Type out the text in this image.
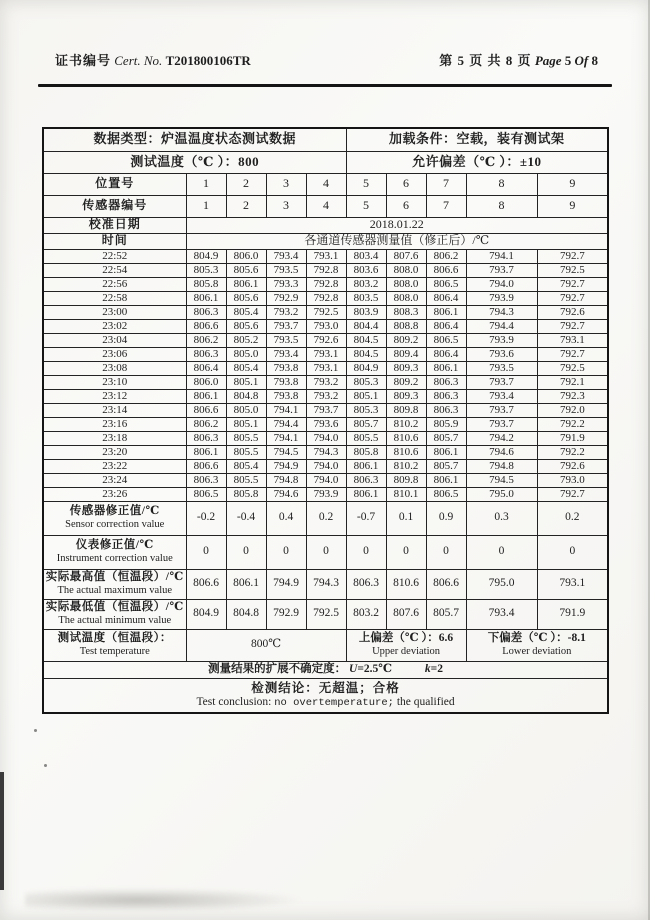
证书编号 Cert. No. T201800106TR	第 5 页 共 8 页 Page 5 Of 8
数据类型：炉温温度状态测试数据					加载条件：空载，装有测试架				
测试温度（℃ ）：800					允许偏差（℃ ）：±10				
位置号	1	2	3	4	5	6	7	8	9
传感器编号	1	2	3	4	5	6	7	8	9
校准日期	2018.01.22								
时间	各通道传感器测量值（修正后）/℃								
22:52	804.9	806.0	793.4	793.1	803.4	807.6	806.2	794.1	792.7
22:54	805.3	805.6	793.5	792.8	803.6	808.0	806.6	793.7	792.5
22:56	805.8	806.1	793.3	792.8	803.2	808.0	806.5	794.0	792.7
22:58	806.1	805.6	792.9	792.8	803.5	808.0	806.4	793.9	792.7
23:00	806.3	805.4	793.2	792.5	803.9	808.3	806.1	794.3	792.6
23:02	806.6	805.6	793.7	793.0	804.4	808.8	806.4	794.4	792.7
23:04	806.2	805.2	793.5	792.6	804.5	809.2	806.5	793.9	793.1
23:06	806.3	805.0	793.4	793.1	804.5	809.4	806.4	793.6	792.7
23:08	806.4	805.4	793.8	793.1	804.9	809.3	806.1	793.5	792.5
23:10	806.0	805.1	793.8	793.2	805.3	809.2	806.3	793.7	792.1
23:12	806.1	804.8	793.8	793.2	805.1	809.3	806.3	793.4	792.3
23:14	806.6	805.0	794.1	793.7	805.3	809.8	806.3	793.7	792.0
23:16	806.2	805.1	794.4	793.6	805.7	810.2	805.9	793.7	792.2
23:18	806.3	805.5	794.1	794.0	805.5	810.6	805.7	794.2	791.9
23:20	806.1	805.5	794.5	794.3	805.8	810.6	806.1	794.6	792.2
23:22	806.6	805.4	794.9	794.0	806.1	810.2	805.7	794.8	792.6
23:24	806.3	805.5	794.8	794.0	806.3	809.8	806.1	794.5	793.0
23:26	806.5	805.8	794.6	793.9	806.1	810.1	806.5	795.0	792.7

传感器修正值/℃
Sensor correction value	-0.2	-0.4	0.4	0.2	-0.7	0.1	0.9	0.3	0.2

仪表修正值/℃
Instrument correction value	0	0	0	0	0	0	0	0	0

实际最高值（恒温段）/℃
The actual maximum value	806.6	806.1	794.9	794.3	806.3	810.6	806.6	795.0	793.1

实际最低值（恒温段）/℃
The actual minimum value	804.9	804.8	792.9	792.5	803.2	807.6	805.7	793.4	791.9

测试温度（恒温段）：
Test temperature
	800℃	
上偏差（℃ ）：6.6
Upper deviation

下偏差（℃ ）：-8.1
Lower deviation

测量结果的扩展不确定度： U=2.5℃ k=2									

检测结论：无超温；合格
Test conclusion: no overtemperature; the qualified									
